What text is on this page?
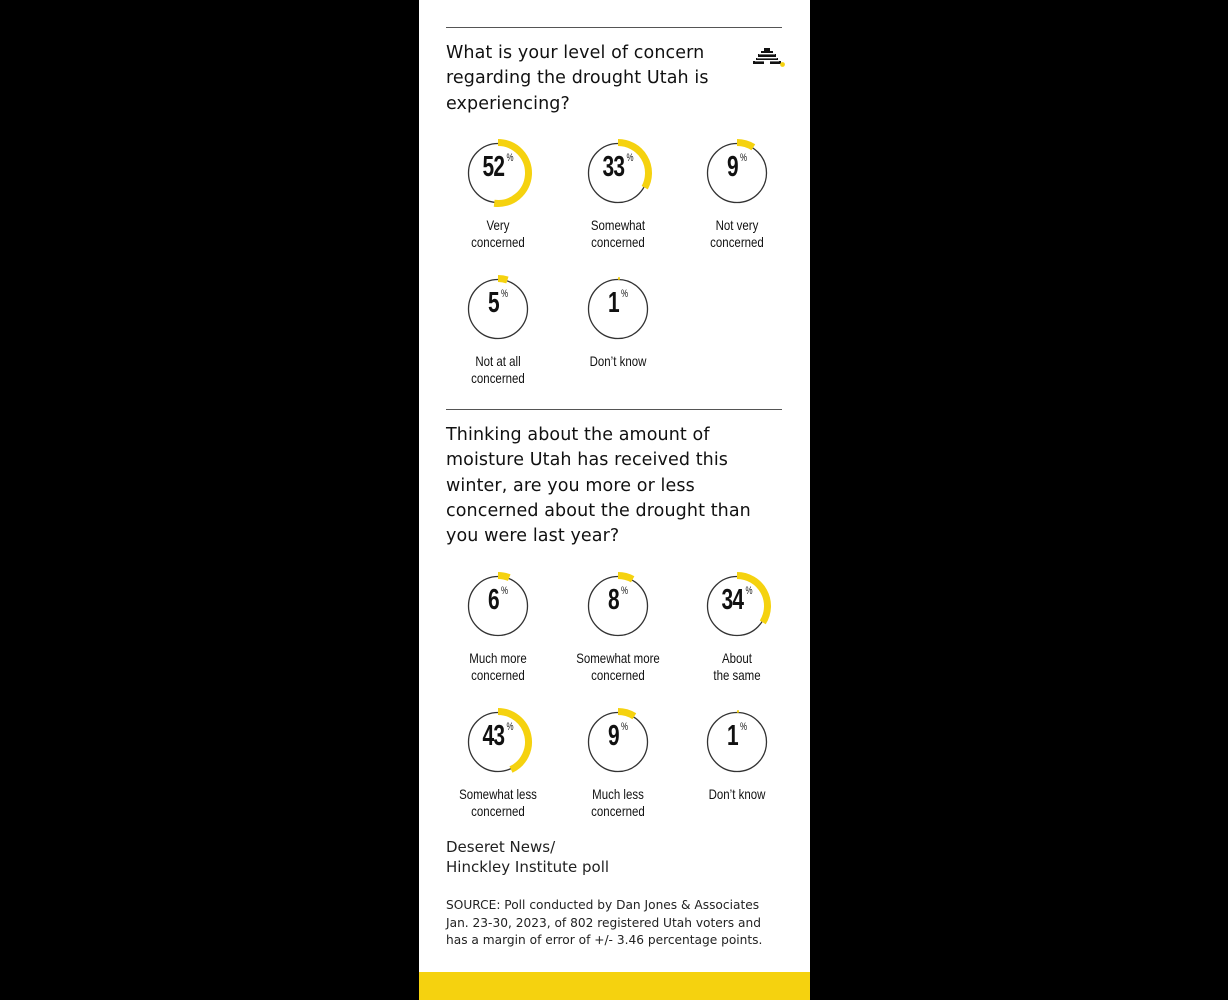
What is your level of concern regarding the drought Utah is experiencing?
52 %
Very
concerned
33 %
Somewhat
concerned
9 %
Not very
concerned
5 %
Not at all
concerned
1 %
Don’t know
Thinking about the amount of moisture Utah has received this winter, are you more or less concerned about the drought than you were last year?
6 %
Much more
concerned
8 %
Somewhat more
concerned
34 %
About
the same
43 %
Somewhat less
concerned
9 %
Much less
concerned
1 %
Don’t know
Deseret News/
Hinckley Institute poll
SOURCE: Poll conducted by Dan Jones & Associates Jan. 23-30, 2023, of 802 registered Utah voters and has a margin of error of +/- 3.46 percentage points.
